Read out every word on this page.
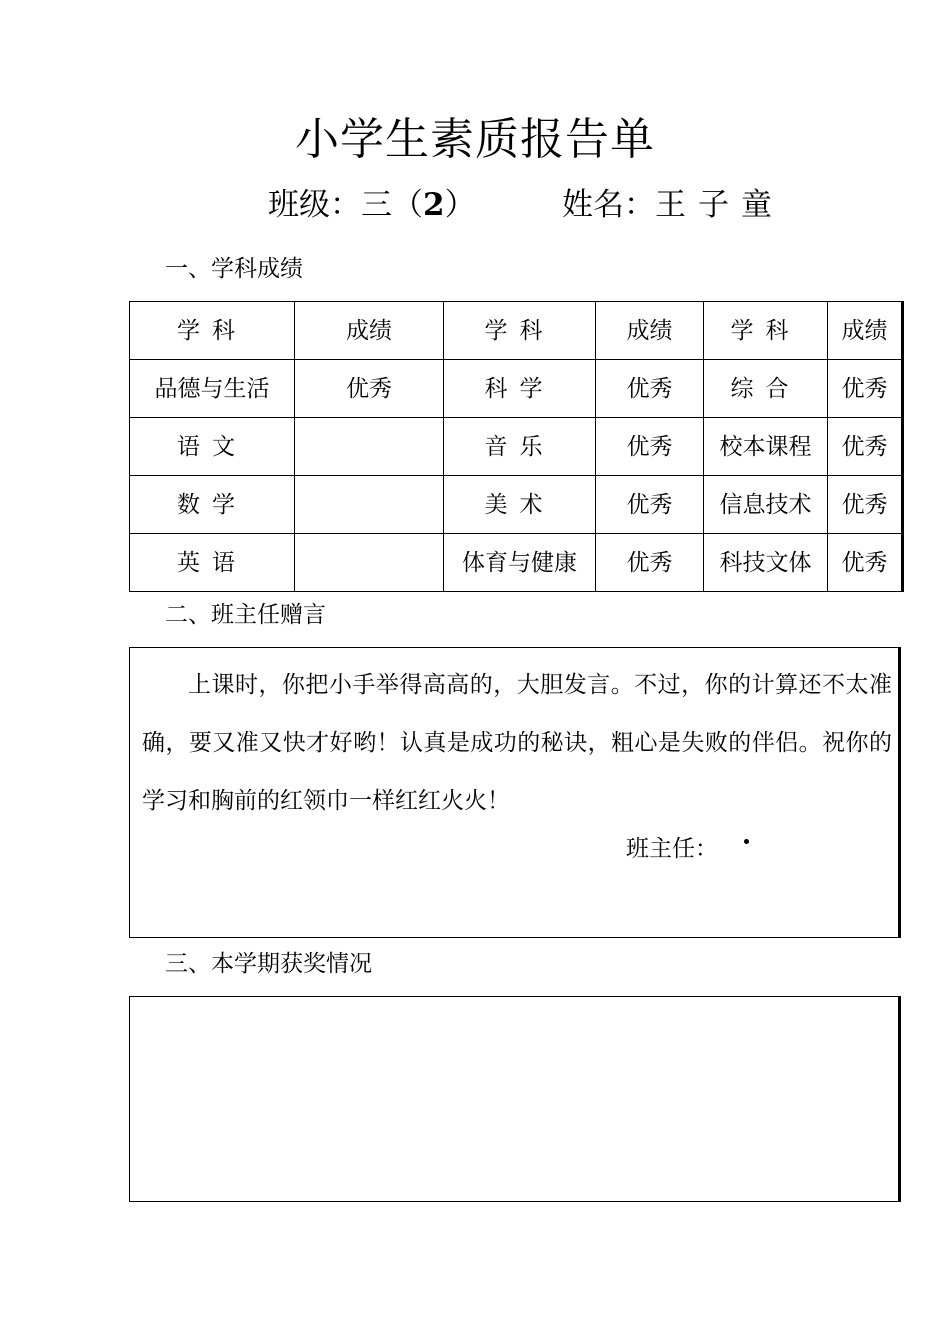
小学生素质报告单
班级：三（2）	姓名：王子童
一、学科成绩
学科	成绩	学科	成绩	学科	成绩
品德与生活	优秀	科学	优秀	综合	优秀
语文		音乐	优秀	校本课程	优秀
数学		美术	优秀	信息技术	优秀
英语		体育与健康	优秀	科技文体	优秀
二、班主任赠言

上课时，你把小手举得高高的，大胆发言。不过，你的计算还不太准确，要又准又快才好哟！认真是成功的秘诀，粗心是失败的伴侣。祝你的学习和胸前的红领巾一样红红火火！

班主任：
三、本学期获奖情况
